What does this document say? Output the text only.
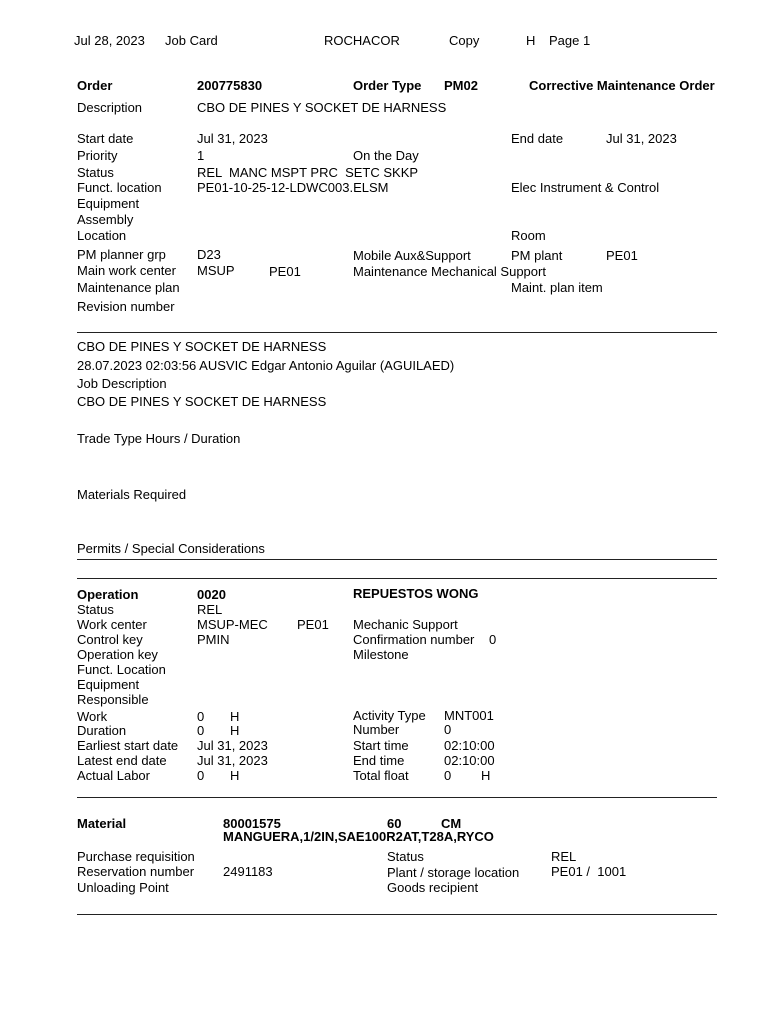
Jul 28, 2023 Job Card	ROCHACOR	Copy	H Page 1
Order	200775830	Order Type PM02	Corrective Maintenance Order
Description	CBO DE PINES Y SOCKET DE HARNESS
Start date	Jul 31, 2023	End date	Jul 31, 2023
Priority	1	On the Day
Status	REL  MANC MSPT PRC  SETC SKKP
Funct. location	PE01-10-25-12-LDWC003.ELSM	Elec Instrument & Control
Equipment
Assembly
Location	Room
PM planner grp D23	Mobile Aux&Support	PM plant	PE01
Main work center MSUP	PE01	Maintenance Mechanical Support
Maintenance plan	Maint. plan item
Revision number
CBO DE PINES Y SOCKET DE HARNESS
28.07.2023 02:03:56 AUSVIC Edgar Antonio Aguilar (AGUILAED)
Job Description
CBO DE PINES Y SOCKET DE HARNESS
Trade Type Hours / Duration
Materials Required
Permits / Special Considerations
Operation	0020	REPUESTOS WONG
Status	REL
Work center	MSUP-MEC PE01 Mechanic Support
Control key	PMIN	Confirmation number 0
Operation key	Milestone
Funct. Location
Equipment
Responsible
Work	0 H	Activity Type MNT001
Duration	0 H	Number	0
Earliest start date Jul 31, 2023	Start time	02:10:00
Latest end date Jul 31, 2023	End time	02:10:00
Actual Labor	0 H	Total float	0 H
Material	80001575	60	CM
MANGUERA,1/2IN,SAE100R2AT,T28A,RYCO
Purchase requisition	Status	REL
Reservation number 2491183	Plant / storage location PE01 /  1001
Unloading Point	Goods recipient
